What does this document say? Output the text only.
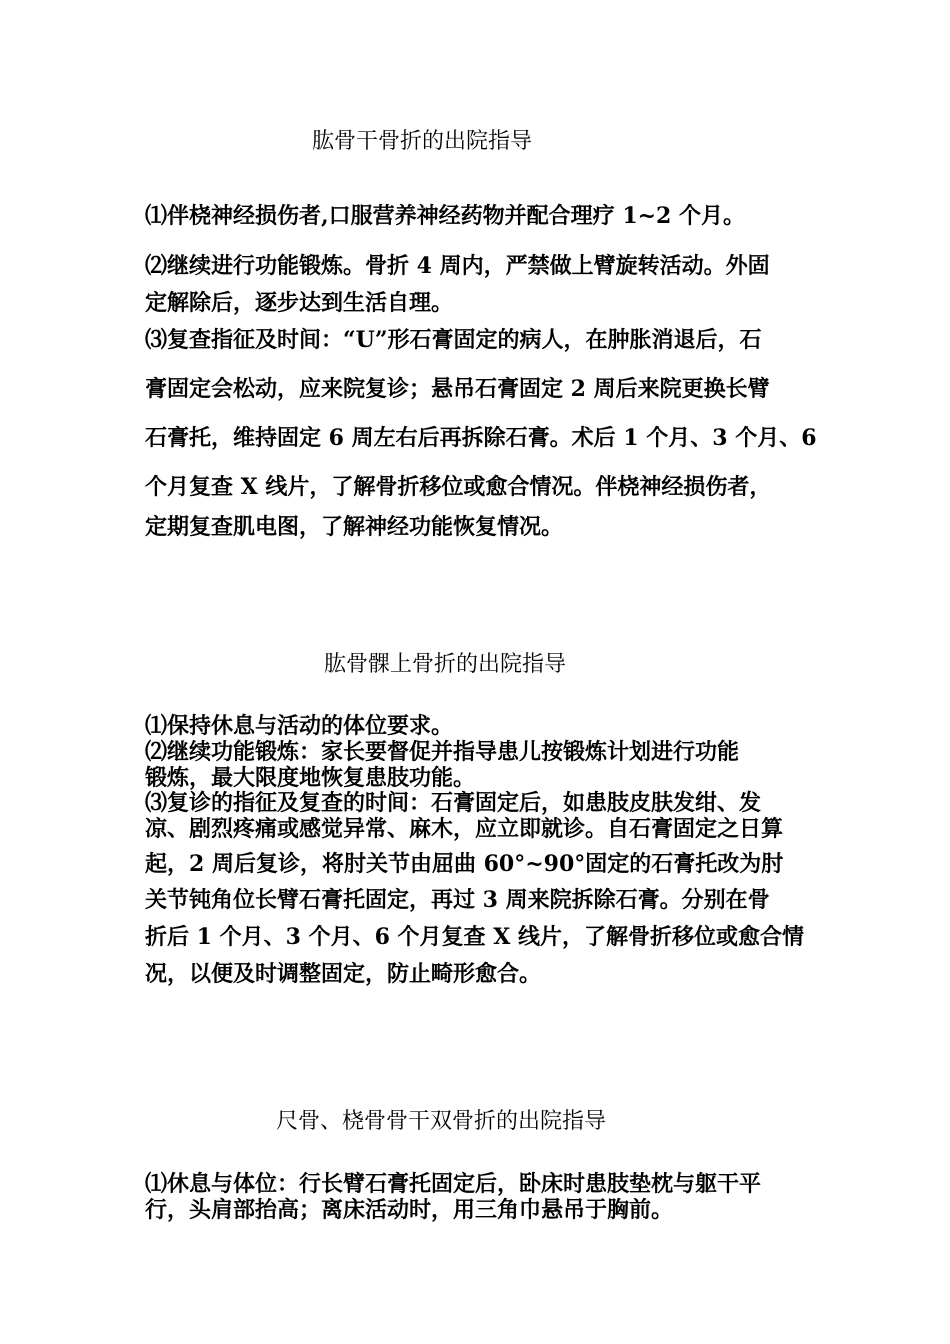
肱骨干骨折的出院指导
⑴伴桡神经损伤者,口服营养神经药物并配合理疗 1~2 个月。
⑵继续进行功能锻炼。骨折 4 周内，严禁做上臂旋转活动。外固
定解除后，逐步达到生活自理。
⑶复查指征及时间：“U”形石膏固定的病人，在肿胀消退后，石
膏固定会松动，应来院复诊；悬吊石膏固定 2 周后来院更换长臂
石膏托，维持固定 6 周左右后再拆除石膏。术后 1 个月、3 个月、6
个月复查 X 线片，了解骨折移位或愈合情况。伴桡神经损伤者，
定期复查肌电图，了解神经功能恢复情况。
肱骨髁上骨折的出院指导
⑴保持休息与活动的体位要求。
⑵继续功能锻炼：家长要督促并指导患儿按锻炼计划进行功能
锻炼，最大限度地恢复患肢功能。
⑶复诊的指征及复查的时间：石膏固定后，如患肢皮肤发绀、发
凉、剧烈疼痛或感觉异常、麻木，应立即就诊。自石膏固定之日算
起，2 周后复诊，将肘关节由屈曲 60°~90°固定的石膏托改为肘
关节钝角位长臂石膏托固定，再过 3 周来院拆除石膏。分别在骨
折后 1 个月、3 个月、6 个月复查 X 线片，了解骨折移位或愈合情
况，以便及时调整固定，防止畸形愈合。
尺骨、桡骨骨干双骨折的出院指导
⑴休息与体位：行长臂石膏托固定后，卧床时患肢垫枕与躯干平
行，头肩部抬高；离床活动时，用三角巾悬吊于胸前。
